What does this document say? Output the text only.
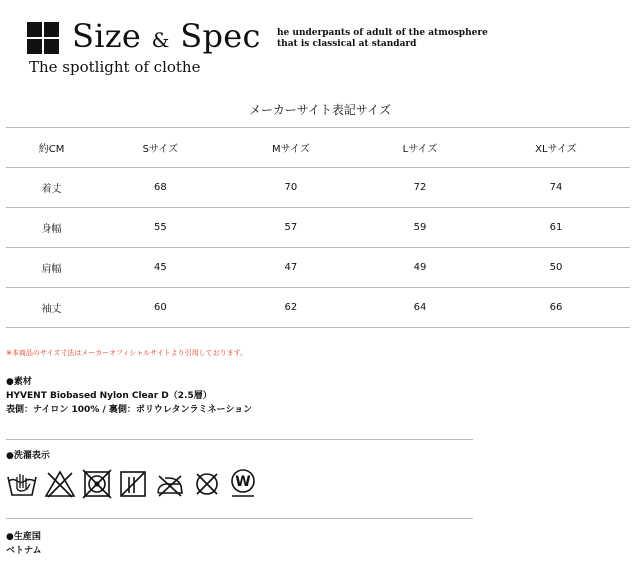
Size & Spec
The spotlight of clothe
he underpants of adult of the atmosphere
that is classical at standard
メーカーサイト表記サイズ
約CM	Sサイズ	Mサイズ	Lサイズ	XLサイズ
着丈	68	70	72	74
身幅	55	57	59	61
肩幅	45	47	49	50
袖丈	60	62	64	66
※本商品のサイズ寸法はメーカーオフィシャルサイトより引用しております。
●素材
HYVENT Biobased Nylon Clear D（2.5層）
表側：ナイロン 100% / 裏側：ポリウレタンラミネーション
●洗濯表示
W
●生産国
ベトナム
